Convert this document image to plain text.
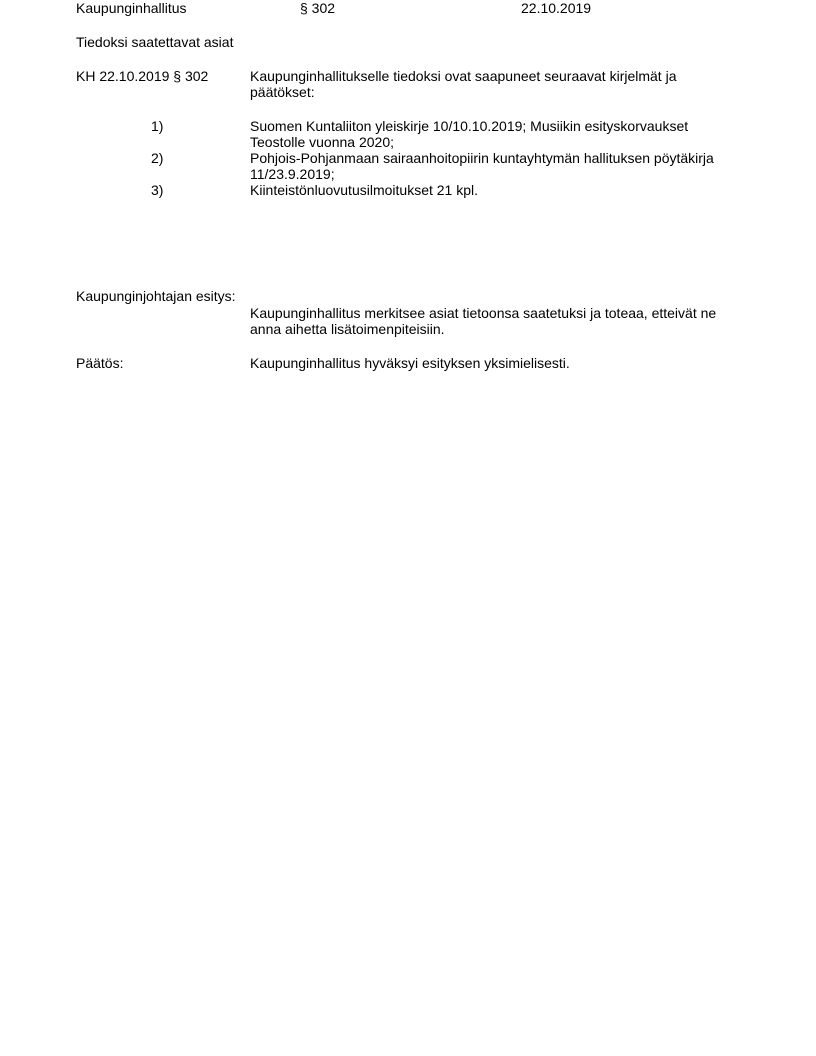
Kaupunginhallitus	§ 302	22.10.2019
Tiedoksi saatettavat asiat
KH 22.10.2019 § 302	Kaupunginhallitukselle tiedoksi ovat saapuneet seuraavat kirjelmät ja päätökset:
1)	Suomen Kuntaliiton yleiskirje 10/10.10.2019; Musiikin esityskorvaukset Teostolle vuonna 2020;
2)	Pohjois-Pohjanmaan sairaanhoitopiirin kuntayhtymän hallituksen pöytäkirja 11/23.9.2019;
3)	Kiinteistönluovutusilmoitukset 21 kpl.
Kaupunginjohtajan esitys:
Kaupunginhallitus merkitsee asiat tietoonsa saatetuksi ja toteaa, etteivät ne anna aihetta lisätoimenpiteisiin.
Päätös:	Kaupunginhallitus hyväksyi esityksen yksimielisesti.
